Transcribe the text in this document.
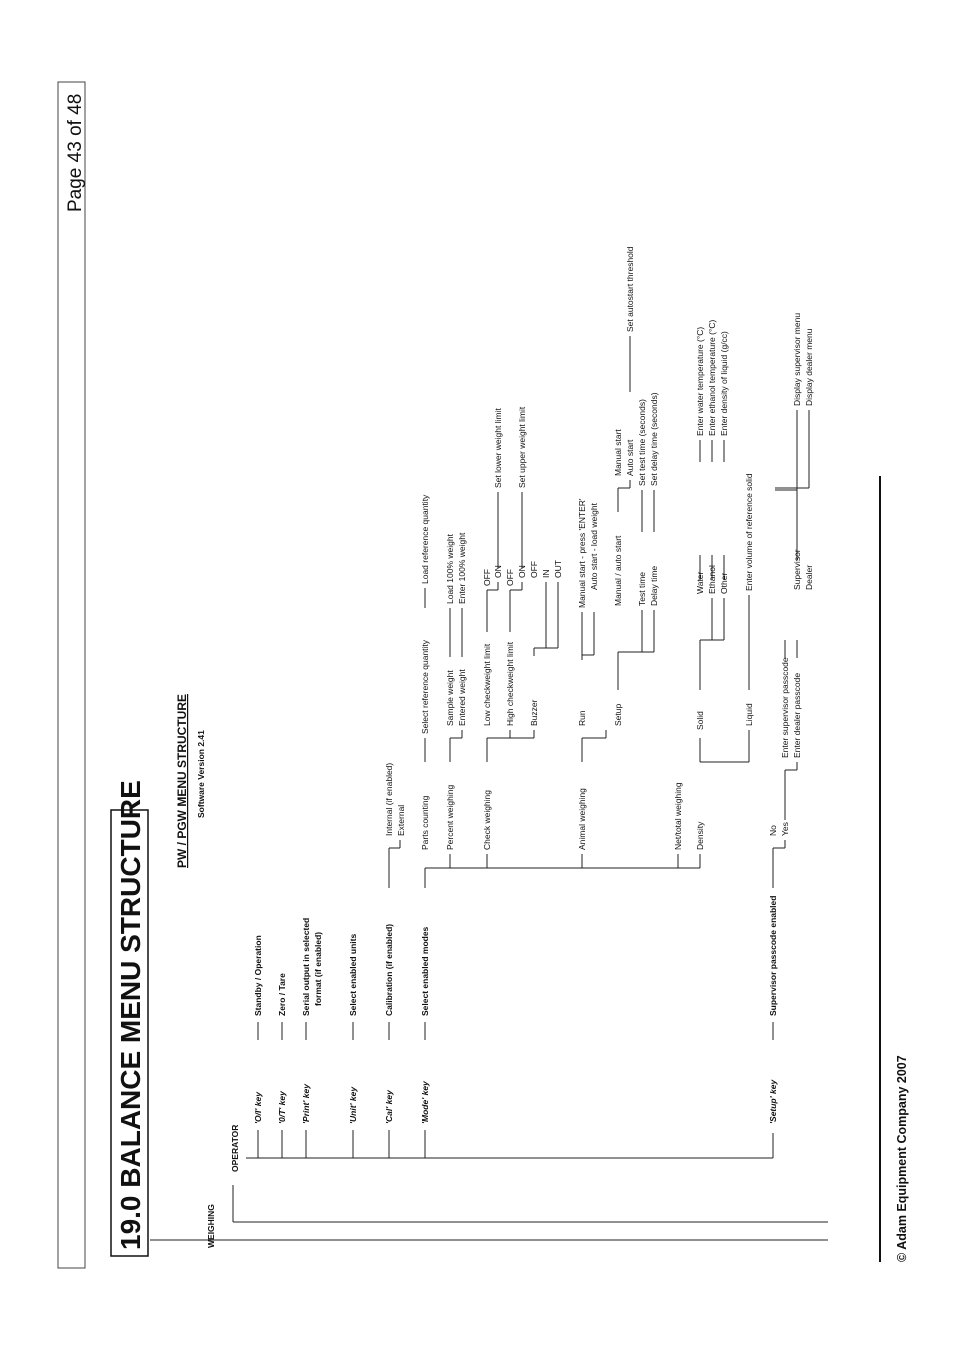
Page 43 of 48
19.0 BALANCE MENU STRUCTURE PW / PGW MENU STRUCTURE Software Version 2.41
WEIGHING
OPERATOR
'O/I' key '0/T' key 'Print' key	'Unit' key	'Cal' key	'Mode' key	'Setup' key
Standby / Operation Zero / Tare Serial output in selected format (if enabled)	Select enabled units	Calibration (if enabled)	Select enabled modes	Supervisor passcode enabled
Internal (if enabled) External Parts counting Percent weighing	Check weighing	Animal weighing	Net/total weighing Density
Select reference quantity
Load reference quantity
Sample weight Entered weight
Load 100% weight Enter 100% weight
Low checkweight limit High checkweight limit Buzzer
OFF ON OFF ON OFF IN OUT
Set lower weight limit Set upper weight limit
Run	Setup
Manual start - press 'ENTER' Auto start - load weight Manual / auto start Test time Delay time
Manual start Auto start Set test time (seconds) Set delay time (seconds)
Set autostart threshold
Solid	Liquid
Water Ethanol Other
Enter water temperature (°C) Enter ethanol temperature (°C) Enter density of liquid (g/cc)
Enter volume of reference solid
No Yes
Enter supervisor passcode Enter dealer passcode
Supervisor Dealer
Display supervisor menu Display dealer menu
© Adam Equipment Company 2007
